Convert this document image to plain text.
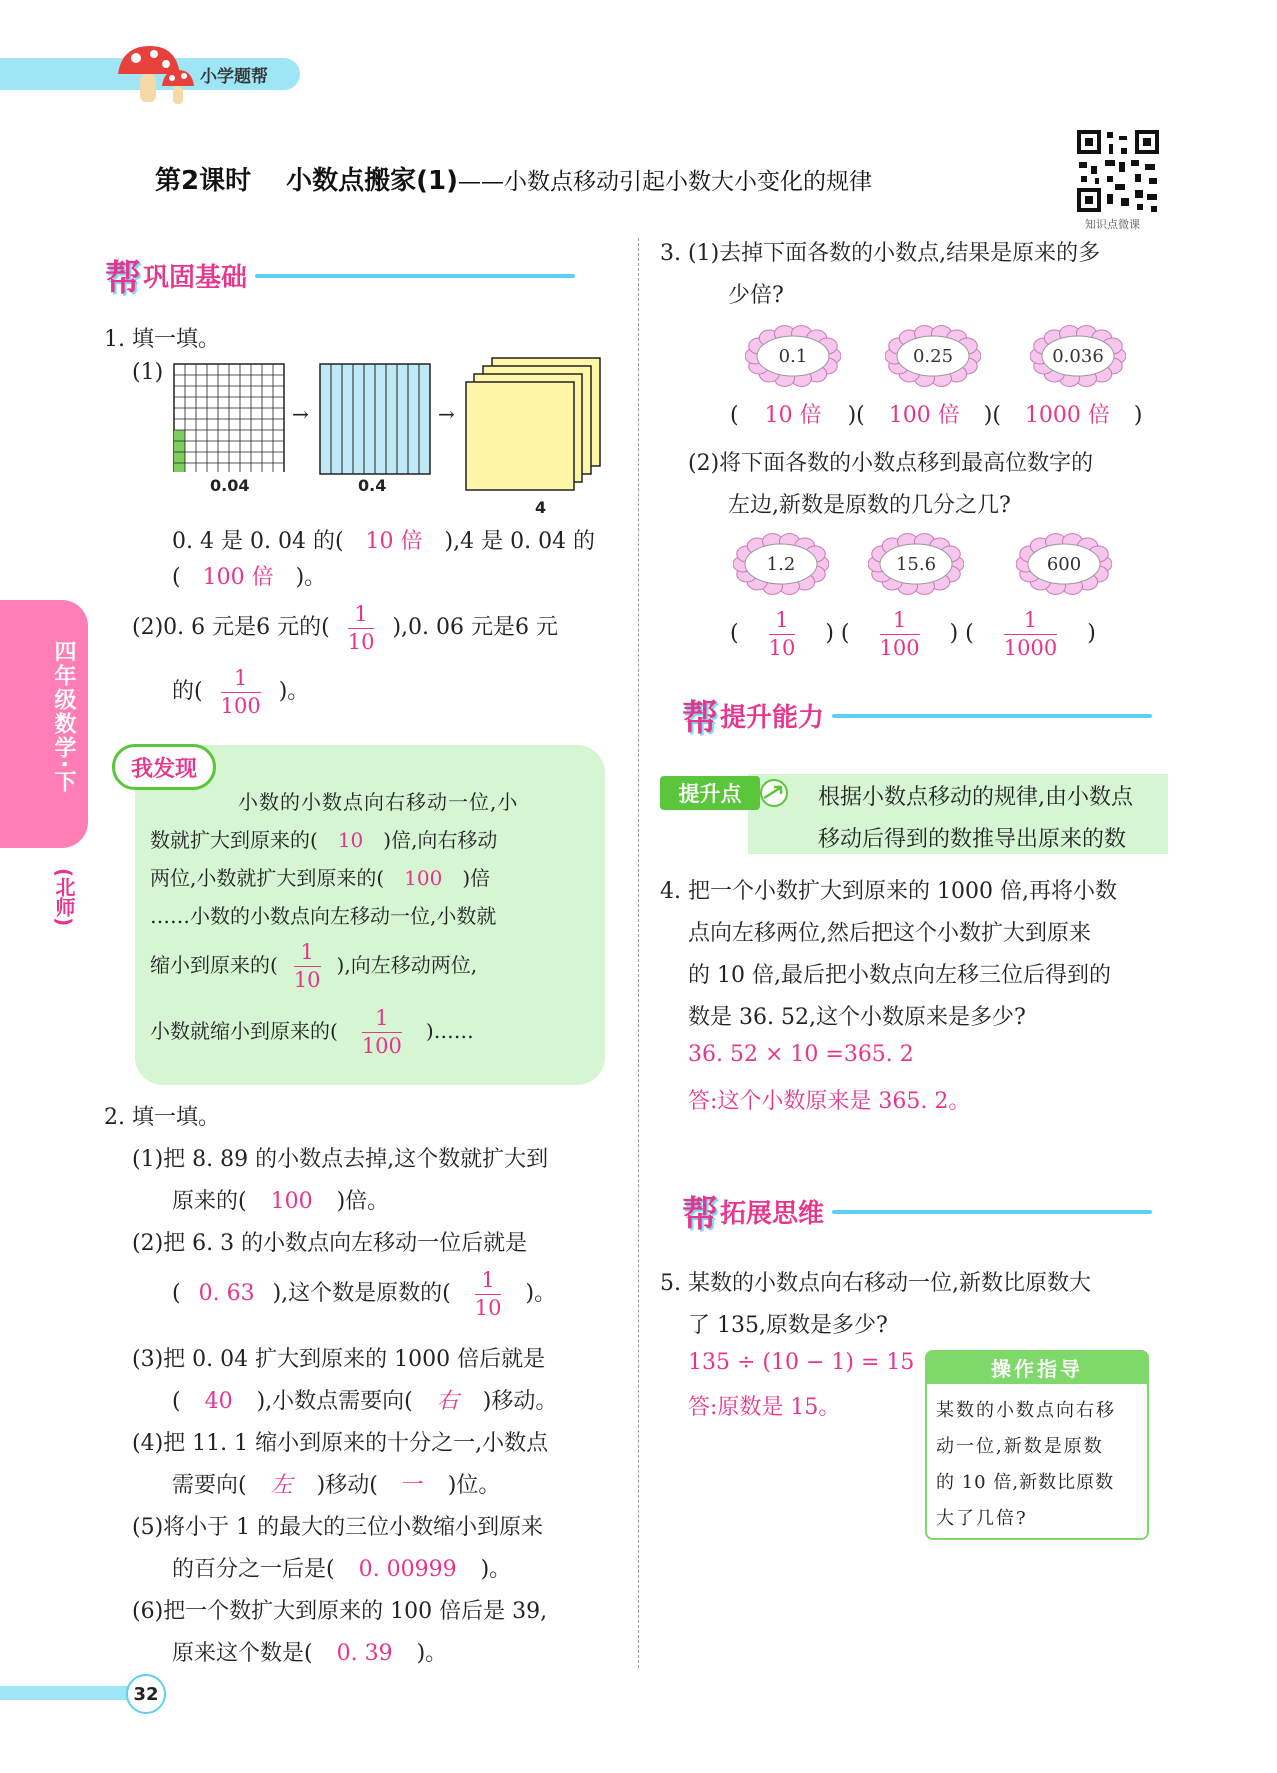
小学题帮
第2课时 小数点搬家(1)——小数点移动引起小数大小变化的规律
知识点微课
四年级数学·下
(北师)
帮 巩固基础
1. 填一填。
(1)
0.04
→
0.4
→
4
0. 4 是 0. 04 的( 10 倍 ),4 是 0. 04 的
( 100 倍 )。
(2)0. 6 元是6 元的( $\frac{1}{10} ),0$. 06 元是6 元
的( $\frac{1}{100}$ )。
我发现
小数的小数点向右移动一位,小
数就扩大到原来的( 10 )倍,向右移动
两位,小数就扩大到原来的( 100 )倍
……小数的小数点向左移动一位,小数就
缩小到原来的( $\frac{1}{10}$ ),向左移动两位,
小数就缩小到原来的( $\frac{1}{100}$ )……
2. 填一填。
(1)把 8. 89 的小数点去掉,这个数就扩大到
原来的( 100 )倍。
(2)把 6. 3 的小数点向左移动一位后就是
( 0. 63 ),这个数是原数的( $\frac{1}{10}$ )。
(3)把 0. 04 扩大到原来的 1000 倍后就是
( 40 ),小数点需要向( 右 )移动。
(4)把 11. 1 缩小到原来的十分之一,小数点
需要向( 左 )移动( 一 )位。
(5)将小于 1 的最大的三位小数缩小到原来
的百分之一后是( 0. 00999 )。
(6)把一个数扩大到原来的 100 倍后是 39,
原来这个数是( 0. 39 )。
32
3. (1)去掉下面各数的小数点,结果是原来的多
少倍?
0.1	0.25	0.036
( 10 倍 )( 100 倍 )( 1000 倍 )
(2)将下面各数的小数点移到最高位数字的
左边,新数是原数的几分之几?
1.2	15.6	600
( $\frac{1}{10}$ ) ( $\frac{1}{100}$ ) ( $\frac{1}{1000}$ )
帮 提升能力
提升点	根据小数点移动的规律,由小数点
移动后得到的数推导出原来的数
4. 把一个小数扩大到原来的 1000 倍,再将小数
点向左移两位,然后把这个小数扩大到原来
的 10 倍,最后把小数点向左移三位后得到的
数是 36. 52,这个小数原来是多少?
36. 52 × 10 =365. 2
答:这个小数原来是 365. 2。
帮 拓展思维
5. 某数的小数点向右移动一位,新数比原数大
了 135,原数是多少?
135 ÷ (10 − 1) = 15
答:原数是 15。
操作指导
某数的小数点向右移
动一位,新数是原数
的 10 倍,新数比原数
大了几倍?
